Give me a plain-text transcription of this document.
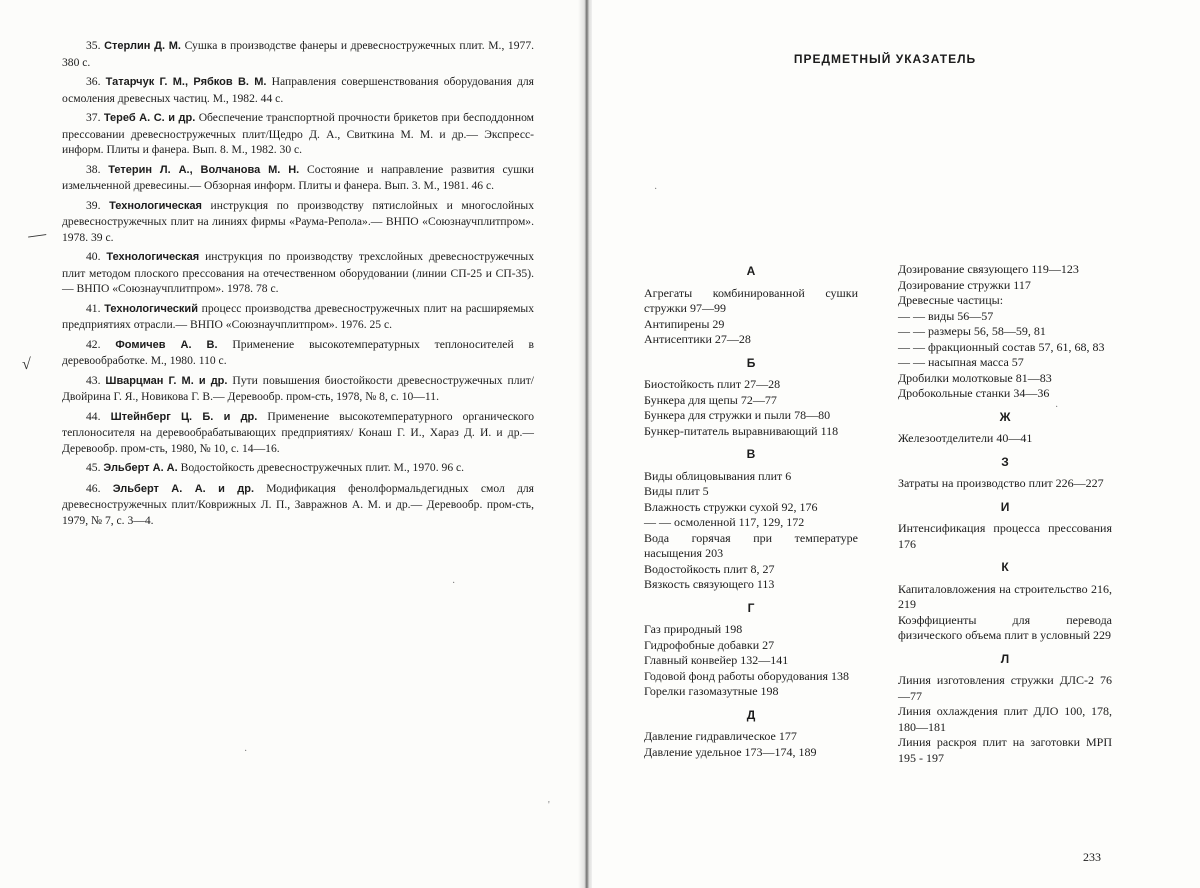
35. Стерлин Д. М. Сушка в производстве фанеры и древесностружечных плит. М., 1977. 380 с.

36. Татарчук Г. М., Рябков В. М. Направления совершенствования оборудования для осмоления древесных частиц. М., 1982. 44 с.

37. Тереб А. С. и др. Обеспечение транспортной прочности брикетов при бесподдонном прессовании древесностружечных плит/Щедро Д. А., Свиткина М. М. и др.— Экспресс-информ. Плиты и фанера. Вып. 8. М., 1982. 30 с.

38. Тетерин Л. А., Волчанова М. Н. Состояние и направление развития сушки измельченной древесины.— Обзорная информ. Плиты и фанера. Вып. 3. М., 1981. 46 с.

39. Технологическая инструкция по производству пятислойных и многослойных древесностружечных плит на линиях фирмы «Раума-Репола».— ВНПО «Союзнаучплитпром». 1978. 39 с.

40. Технологическая инструкция по производству трехслойных древесностружечных плит методом плоского прессования на отечественном оборудовании (линии СП-25 и СП-35).— ВНПО «Союзнаучплитпром». 1978. 78 с.

41. Технологический процесс производства древесностружечных плит на расширяемых предприятиях отрасли.— ВНПО «Союзнаучплитпром». 1976. 25 с.

42. Фомичев А. В. Применение высокотемпературных теплоносителей в деревообработке. М., 1980. 110 с.

43. Шварцман Г. М. и др. Пути повышения биостойкости древесностружечных плит/ Двойрина Г. Я., Новикова Г. В.— Деревообр. пром-сть, 1978, № 8, с. 10—11.

44. Штейнберг Ц. Б. и др. Применение высокотемпературного органического теплоносителя на деревообрабатывающих предприятиях/ Конаш Г. И., Хараз Д. И. и др.— Деревообр. пром-сть, 1980, № 10, с. 14—16.

45. Эльберт А. А. Водостойкость древесностружечных плит. М., 1970. 96 с.

46. Эльберт А. А. и др. Модификация фенолформальдегидных смол для древесностружечных плит/Коврижных Л. П., Завражнов А. М. и др.— Деревообр. пром-сть, 1979, № 7, с. 3—4.

—
√
ПРЕДМЕТНЫЙ УКАЗАТЕЛЬ
А

Агрегаты комбинированной сушки стружки 97—99

Антипирены 29

Антисептики 27—28

Б

Биостойкость плит 27—28

Бункера для щепы 72—77

Бункера для стружки и пыли 78—80

Бункер-питатель выравнивающий 118

В

Виды облицовывания плит 6

Виды плит 5

Влажность стружки сухой 92, 176

— — осмоленной 117, 129, 172

Вода горячая при температуре насыщения 203

Водостойкость плит 8, 27

Вязкость связующего 113

Г

Газ природный 198

Гидрофобные добавки 27

Главный конвейер 132—141

Годовой фонд работы оборудования 138

Горелки газомазутные 198

Д

Давление гидравлическое 177

Давление удельное 173—174, 189

Дозирование связующего 119—123

Дозирование стружки 117

Древесные частицы:

— — виды 56—57

— — размеры 56, 58—59, 81

— — фракционный состав 57, 61, 68, 83

— — насыпная масса 57

Дробилки молотковые 81—83

Дробокольные станки 34—36

Ж

Железоотделители 40—41

З

Затраты на производство плит 226—227

И

Интенсификация процесса прессования 176

К

Капиталовложения на строительство 216, 219

Коэффициенты для перевода физического объема плит в условный 229

Л

Линия изготовления стружки ДЛС-2 76—77

Линия охлаждения плит ДЛО 100, 178, 180—181

Линия раскроя плит на заготовки МРП 195 - 197

233
·
·
'
·
·
